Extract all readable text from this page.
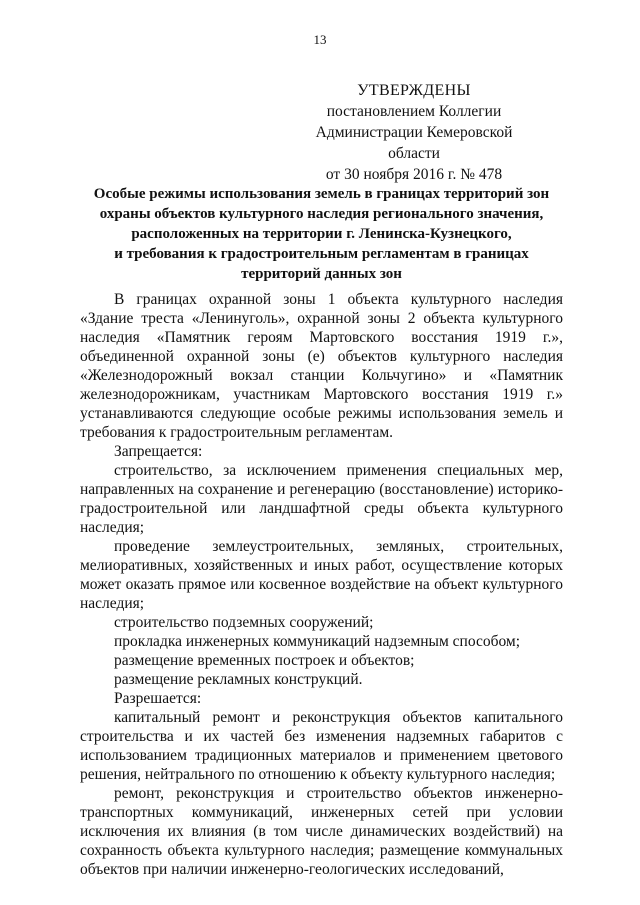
13
УТВЕРЖДЕНЫ
постановлением Коллегии
Администрации Кемеровской области
от 30 ноября 2016 г. № 478
Особые режимы использования земель в границах территорий зон
охраны объектов культурного наследия регионального значения,
расположенных на территории г. Ленинска-Кузнецкого,
и требования к градостроительным регламентам в границах
территорий данных зон

В границах охранной зоны 1 объекта культурного наследия «Здание треста «Ленинуголь», охранной зоны 2 объекта культурного наследия «Памятник героям Мартовского восстания 1919 г.», объединенной охранной зоны (е) объектов культурного наследия «Железнодорожный вокзал станции Кольчугино» и «Памятник железнодорожникам, участникам Мартовского восстания 1919 г.» устанавливаются следующие особые режимы использования земель и требования к градостроительным регламентам.

Запрещается:

строительство, за исключением применения специальных мер, направленных на сохранение и регенерацию (восстановление) историко-градостроительной или ландшафтной среды объекта культурного наследия;

проведение землеустроительных, земляных, строительных, мелиоративных, хозяйственных и иных работ, осуществление которых может оказать прямое или косвенное воздействие на объект культурного наследия;

строительство подземных сооружений;

прокладка инженерных коммуникаций надземным способом;

размещение временных построек и объектов;

размещение рекламных конструкций.

Разрешается:

капитальный ремонт и реконструкция объектов капитального строительства и их частей без изменения надземных габаритов с использованием традиционных материалов и применением цветового решения, нейтрального по отношению к объекту культурного наследия;

ремонт, реконструкция и строительство объектов инженерно-транспортных коммуникаций, инженерных сетей при условии исключения их влияния (в том числе динамических воздействий) на сохранность объекта культурного наследия; размещение коммунальных объектов при наличии инженерно-геологических исследований,
